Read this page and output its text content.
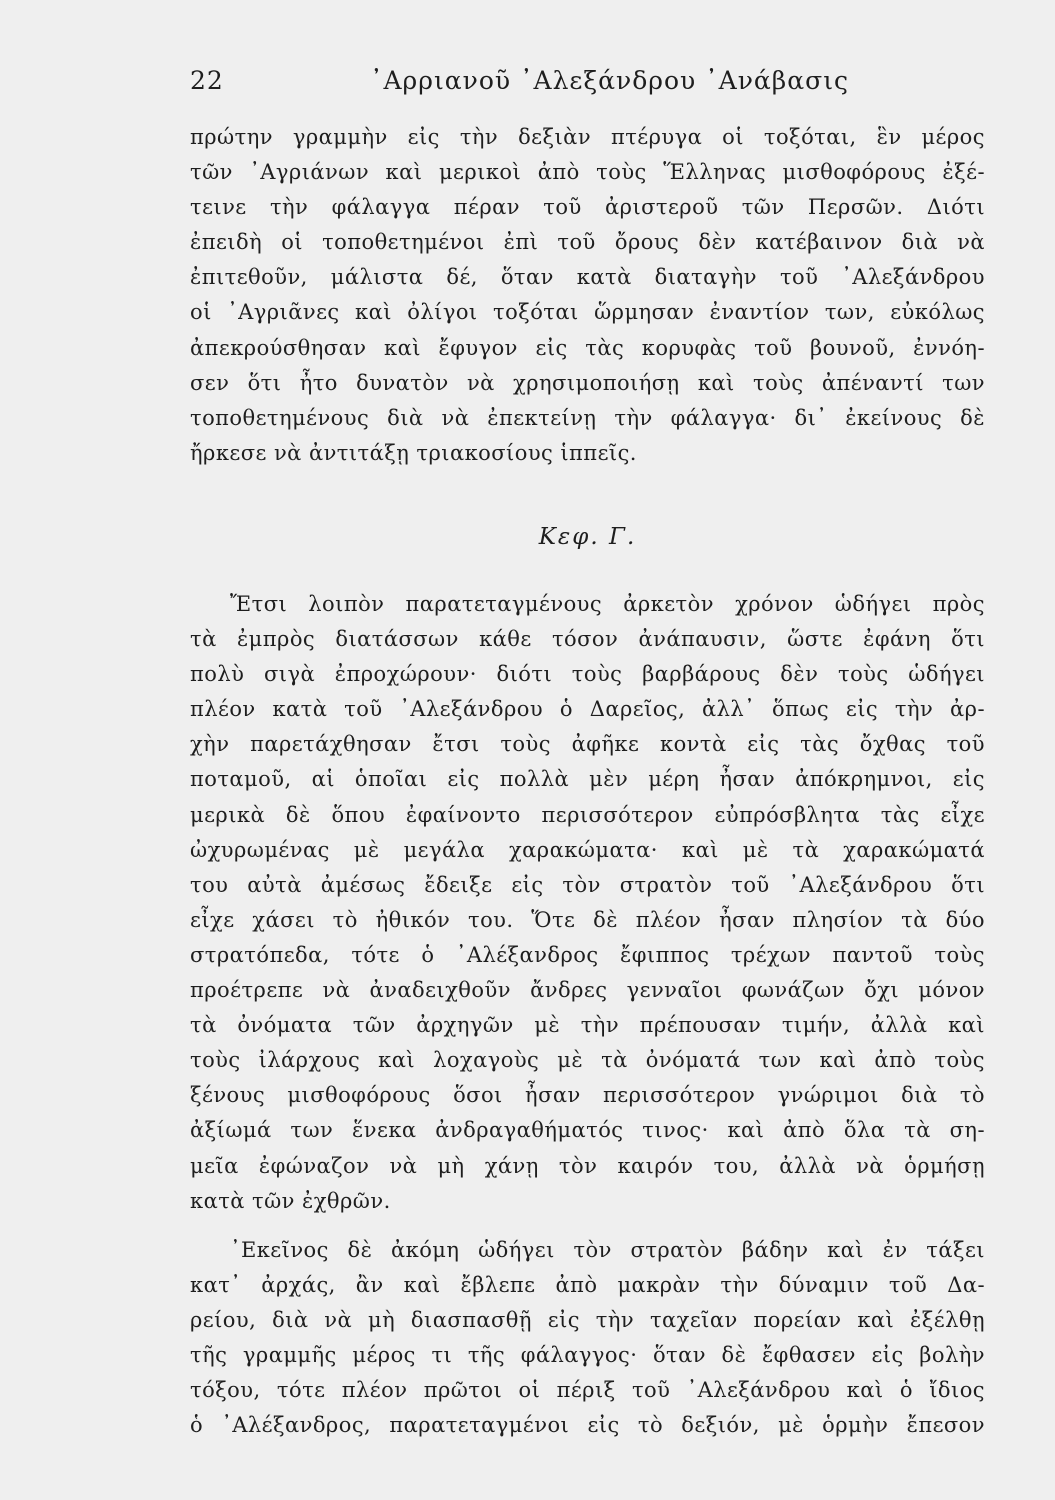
22	᾿Αρριανοῦ ᾿Αλεξάνδρου ᾿Ανάβασις
πρώτην γραμμὴν εἰς τὴν δεξιὰν πτέρυγα οἱ τοξόται, ἓν μέρος
τῶν ᾿Αγριάνων καὶ μερικοὶ ἀπὸ τοὺς Ἕλληνας μισθοφόρους ἐξέ-
τεινε τὴν φάλαγγα πέραν τοῦ ἀριστεροῦ τῶν Περσῶν. Διότι
ἐπειδὴ οἱ τοποθετημένοι ἐπὶ τοῦ ὄρους δὲν κατέβαινον διὰ νὰ
ἐπιτεθοῦν, μάλιστα δέ, ὅταν κατὰ διαταγὴν τοῦ ᾿Αλεξάνδρου
οἱ ᾿Αγριᾶνες καὶ ὀλίγοι τοξόται ὥρμησαν ἐναντίον των, εὐκόλως
ἀπεκρούσθησαν καὶ ἔφυγον εἰς τὰς κορυφὰς τοῦ βουνοῦ, ἐννόη-
σεν ὅτι ἦτο δυνατὸν νὰ χρησιμοποιήσῃ καὶ τοὺς ἀπέναντί των
τοποθετημένους διὰ νὰ ἐπεκτείνῃ τὴν φάλαγγα· δι᾿ ἐκείνους δὲ
ἤρκεσε νὰ ἀντιτάξῃ τριακοσίους ἱππεῖς.
Κεφ. Γ.
Ἔτσι λοιπὸν παρατεταγμένους ἀρκετὸν χρόνον ὡδήγει πρὸς
τὰ ἐμπρὸς διατάσσων κάθε τόσον ἀνάπαυσιν, ὥστε ἐφάνη ὅτι
πολὺ σιγὰ ἐπροχώρουν· διότι τοὺς βαρβάρους δὲν τοὺς ὡδήγει
πλέον κατὰ τοῦ ᾿Αλεξάνδρου ὁ Δαρεῖος, ἀλλ᾿ ὅπως εἰς τὴν ἀρ-
χὴν παρετάχθησαν ἔτσι τοὺς ἀφῆκε κοντὰ εἰς τὰς ὄχθας τοῦ
ποταμοῦ, αἱ ὁποῖαι εἰς πολλὰ μὲν μέρη ἦσαν ἀπόκρημνοι, εἰς
μερικὰ δὲ ὅπου ἐφαίνοντο περισσότερον εὐπρόσβλητα τὰς εἶχε
ὠχυρωμένας μὲ μεγάλα χαρακώματα· καὶ μὲ τὰ χαρακώματά
του αὐτὰ ἀμέσως ἔδειξε εἰς τὸν στρατὸν τοῦ ᾿Αλεξάνδρου ὅτι
εἶχε χάσει τὸ ἠθικόν του. Ὅτε δὲ πλέον ἦσαν πλησίον τὰ δύο
στρατόπεδα, τότε ὁ ᾿Αλέξανδρος ἔφιππος τρέχων παντοῦ τοὺς
προέτρεπε νὰ ἀναδειχθοῦν ἄνδρες γενναῖοι φωνάζων ὄχι μόνον
τὰ ὀνόματα τῶν ἀρχηγῶν μὲ τὴν πρέπουσαν τιμήν, ἀλλὰ καὶ
τοὺς ἰλάρχους καὶ λοχαγοὺς μὲ τὰ ὀνόματά των καὶ ἀπὸ τοὺς
ξένους μισθοφόρους ὅσοι ἦσαν περισσότερον γνώριμοι διὰ τὸ
ἀξίωμά των ἕνεκα ἀνδραγαθήματός τινος· καὶ ἀπὸ ὅλα τὰ ση-
μεῖα ἐφώναζον νὰ μὴ χάνῃ τὸν καιρόν του, ἀλλὰ νὰ ὁρμήσῃ
κατὰ τῶν ἐχθρῶν.
᾿Εκεῖνος δὲ ἀκόμη ὡδήγει τὸν στρατὸν βάδην καὶ ἐν τάξει
κατ᾿ ἀρχάς, ἂν καὶ ἔβλεπε ἀπὸ μακρὰν τὴν δύναμιν τοῦ Δα-
ρείου, διὰ νὰ μὴ διασπασθῇ εἰς τὴν ταχεῖαν πορείαν καὶ ἐξέλθῃ
τῆς γραμμῆς μέρος τι τῆς φάλαγγος· ὅταν δὲ ἔφθασεν εἰς βολὴν
τόξου, τότε πλέον πρῶτοι οἱ πέριξ τοῦ ᾿Αλεξάνδρου καὶ ὁ ἴδιος
ὁ ᾿Αλέξανδρος, παρατεταγμένοι εἰς τὸ δεξιόν, μὲ ὁρμὴν ἔπεσον
